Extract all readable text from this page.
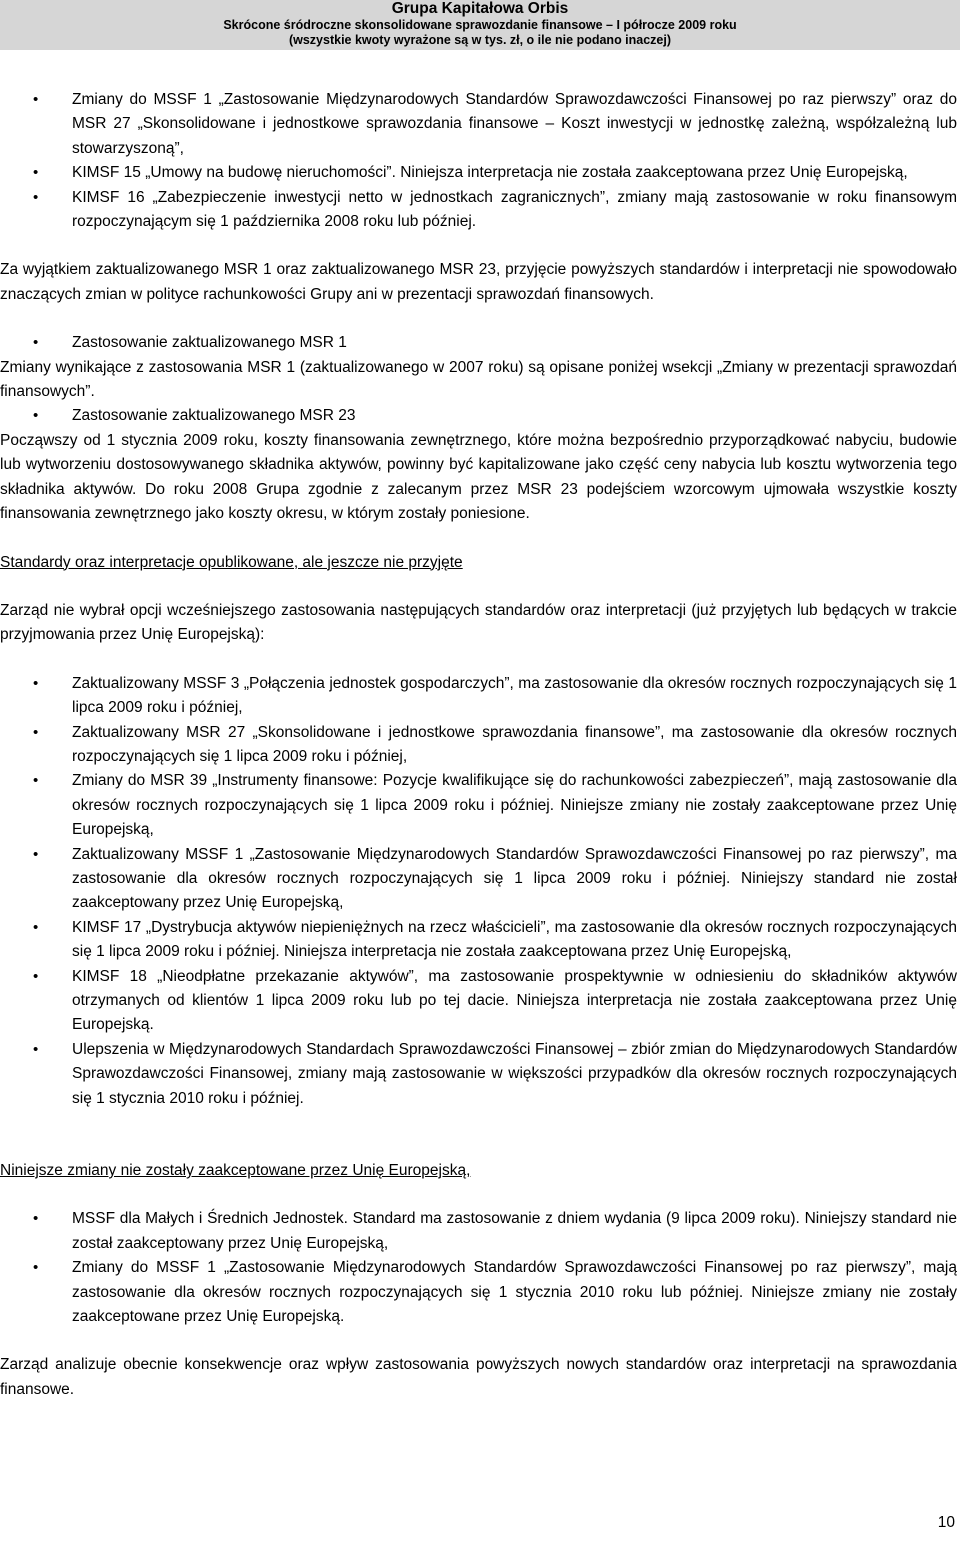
Grupa Kapitałowa Orbis
Skrócone śródroczne skonsolidowane sprawozdanie finansowe – I półrocze 2009 roku
(wszystkie kwoty wyrażone są w tys. zł, o ile nie podano inaczej)
• Zmiany do MSSF 1 „Zastosowanie Międzynarodowych Standardów Sprawozdawczości Finansowej po raz pierwszy” oraz do MSR 27 „Skonsolidowane i jednostkowe sprawozdania finansowe – Koszt inwestycji w jednostkę zależną, współzależną lub stowarzyszoną”,
• KIMSF 15 „Umowy na budowę nieruchomości”. Niniejsza interpretacja nie została zaakceptowana przez Unię Europejską,
• KIMSF 16 „Zabezpieczenie inwestycji netto w jednostkach zagranicznych”, zmiany mają zastosowanie w roku finansowym rozpoczynającym się 1 października 2008 roku lub później.

Za wyjątkiem zaktualizowanego MSR 1 oraz zaktualizowanego MSR 23, przyjęcie powyższych standardów i interpretacji nie spowodowało znaczących zmian w polityce rachunkowości Grupy ani w prezentacji sprawozdań finansowych.

• Zastosowanie zaktualizowanego MSR 1

Zmiany wynikające z zastosowania MSR 1 (zaktualizowanego w 2007 roku) są opisane poniżej wsekcji „Zmiany w prezentacji sprawozdań finansowych”.

• Zastosowanie zaktualizowanego MSR 23

Począwszy od 1 stycznia 2009 roku, koszty finansowania zewnętrznego, które można bezpośrednio przyporządkować nabyciu, budowie lub wytworzeniu dostosowywanego składnika aktywów, powinny być kapitalizowane jako część ceny nabycia lub kosztu wytworzenia tego składnika aktywów. Do roku 2008 Grupa zgodnie z zalecanym przez MSR 23 podejściem wzorcowym ujmowała wszystkie koszty finansowania zewnętrznego jako koszty okresu, w którym zostały poniesione.

Standardy oraz interpretacje opublikowane, ale jeszcze nie przyjęte

Zarząd nie wybrał opcji wcześniejszego zastosowania następujących standardów oraz interpretacji (już przyjętych lub będących w trakcie przyjmowania przez Unię Europejską):

• Zaktualizowany MSSF 3 „Połączenia jednostek gospodarczych”, ma zastosowanie dla okresów rocznych rozpoczynających się 1 lipca 2009 roku i później,
• Zaktualizowany MSR 27 „Skonsolidowane i jednostkowe sprawozdania finansowe”, ma zastosowanie dla okresów rocznych rozpoczynających się 1 lipca 2009 roku i później,
• Zmiany do MSR 39 „Instrumenty finansowe: Pozycje kwalifikujące się do rachunkowości zabezpieczeń”, mają zastosowanie dla okresów rocznych rozpoczynających się 1 lipca 2009 roku i później. Niniejsze zmiany nie zostały zaakceptowane przez Unię Europejską,
• Zaktualizowany MSSF 1 „Zastosowanie Międzynarodowych Standardów Sprawozdawczości Finansowej po raz pierwszy”, ma zastosowanie dla okresów rocznych rozpoczynających się 1 lipca 2009 roku i później. Niniejszy standard nie został zaakceptowany przez Unię Europejską,
• KIMSF 17 „Dystrybucja aktywów niepieniężnych na rzecz właścicieli”, ma zastosowanie dla okresów rocznych rozpoczynających się 1 lipca 2009 roku i później. Niniejsza interpretacja nie została zaakceptowana przez Unię Europejską,
• KIMSF 18 „Nieodpłatne przekazanie aktywów”, ma zastosowanie prospektywnie w odniesieniu do składników aktywów otrzymanych od klientów 1 lipca 2009 roku lub po tej dacie. Niniejsza interpretacja nie została zaakceptowana przez Unię Europejską.
• Ulepszenia w Międzynarodowych Standardach Sprawozdawczości Finansowej – zbiór zmian do Międzynarodowych Standardów Sprawozdawczości Finansowej, zmiany mają zastosowanie w większości przypadków dla okresów rocznych rozpoczynających się 1 stycznia 2010 roku i później.

Niniejsze zmiany nie zostały zaakceptowane przez Unię Europejską,

• MSSF dla Małych i Średnich Jednostek. Standard ma zastosowanie z dniem wydania (9 lipca 2009 roku). Niniejszy standard nie został zaakceptowany przez Unię Europejską,
• Zmiany do MSSF 1 „Zastosowanie Międzynarodowych Standardów Sprawozdawczości Finansowej po raz pierwszy”, mają zastosowanie dla okresów rocznych rozpoczynających się 1 stycznia 2010 roku lub później. Niniejsze zmiany nie zostały zaakceptowane przez Unię Europejską.

Zarząd analizuje obecnie konsekwencje oraz wpływ zastosowania powyższych nowych standardów oraz interpretacji na sprawozdania finansowe.

10
